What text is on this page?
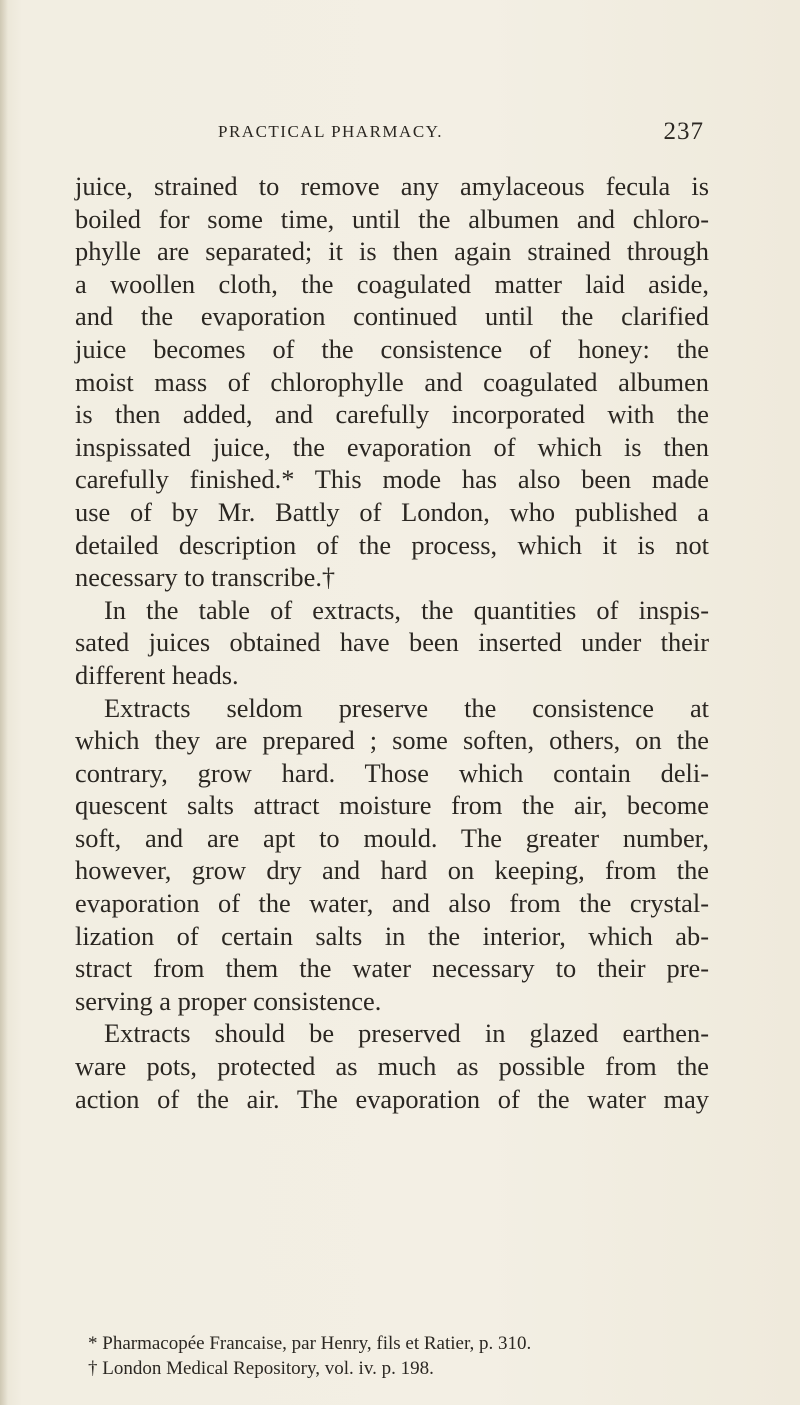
PRACTICAL PHARMACY.	237
juice, strained to remove any amylaceous fecula is
boiled for some time, until the albumen and chloro-
phylle are separated; it is then again strained through
a woollen cloth, the coagulated matter laid aside,
and the evaporation continued until the clarified
juice becomes of the consistence of honey: the
moist mass of chlorophylle and coagulated albumen
is then added, and carefully incorporated with the
inspissated juice, the evaporation of which is then
carefully finished.* This mode has also been made
use of by Mr. Battly of London, who published a
detailed description of the process, which it is not
necessary to transcribe.†
In the table of extracts, the quantities of inspis-
sated juices obtained have been inserted under their
different heads.
Extracts seldom preserve the consistence at
which they are prepared ; some soften, others, on the
contrary, grow hard. Those which contain deli-
quescent salts attract moisture from the air, become
soft, and are apt to mould. The greater number,
however, grow dry and hard on keeping, from the
evaporation of the water, and also from the crystal-
lization of certain salts in the interior, which ab-
stract from them the water necessary to their pre-
serving a proper consistence.
Extracts should be preserved in glazed earthen-
ware pots, protected as much as possible from the
action of the air. The evaporation of the water may
* Pharmacopée Francaise, par Henry, fils et Ratier, p. 310.
† London Medical Repository, vol. iv. p. 198.
